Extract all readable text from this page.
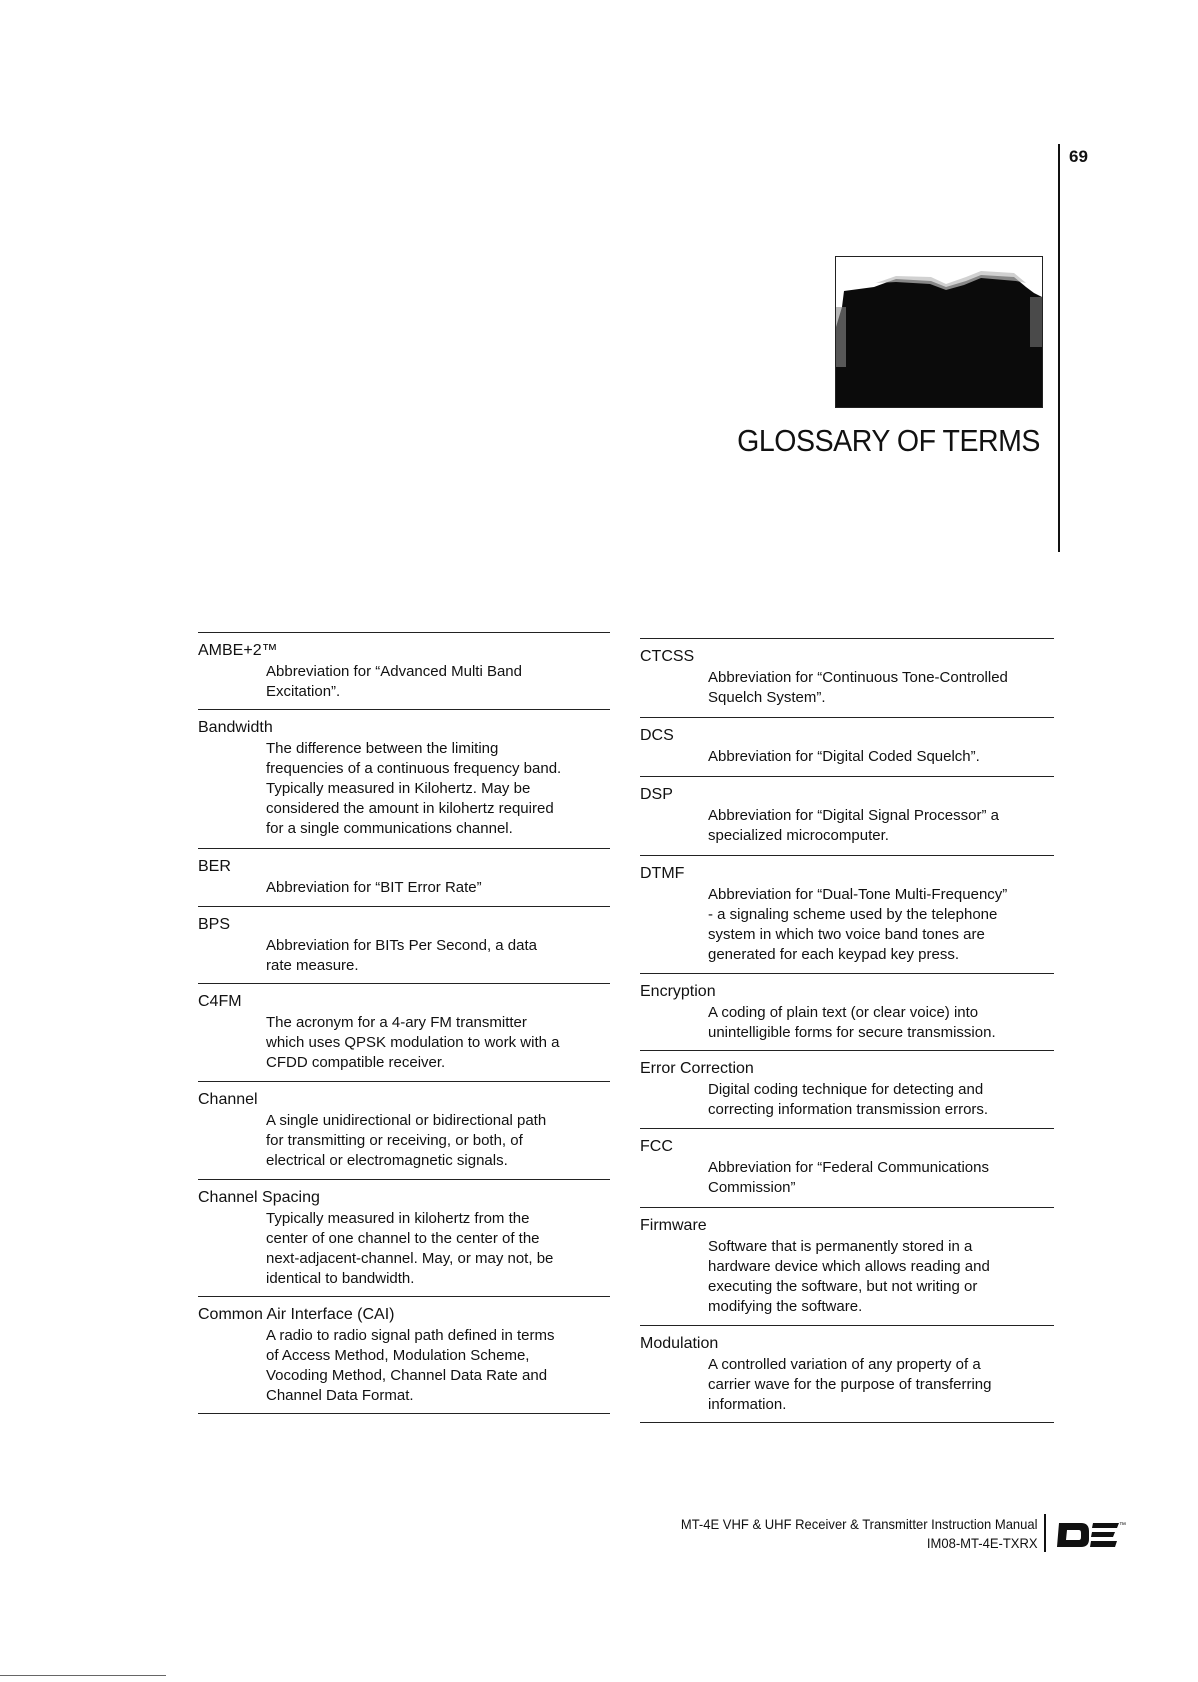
69
GLOSSARY OF TERMS
AMBE+2™
Abbreviation for “Advanced Multi Band
Excitation”.
Bandwidth
The difference between the limiting
frequencies of a continuous frequency band.
Typically measured in Kilohertz. May be
considered the amount in kilohertz required
for a single communications channel.
BER
Abbreviation for “BIT Error Rate”
BPS
Abbreviation for BITs Per Second, a data
rate measure.
C4FM
The acronym for a 4-ary FM transmitter
which uses QPSK modulation to work with a
CFDD compatible receiver.
Channel
A single unidirectional or bidirectional path
for transmitting or receiving, or both, of
electrical or electromagnetic signals.
Channel Spacing
Typically measured in kilohertz from the
center of one channel to the center of the
next-adjacent-channel. May, or may not, be
identical to bandwidth.
Common Air Interface (CAI)
A radio to radio signal path defined in terms
of Access Method, Modulation Scheme,
Vocoding Method, Channel Data Rate and
Channel Data Format.
CTCSS
Abbreviation for “Continuous Tone-Controlled
Squelch System”.
DCS
Abbreviation for “Digital Coded Squelch”.
DSP
Abbreviation for “Digital Signal Processor” a
specialized microcomputer.
DTMF
Abbreviation for “Dual-Tone Multi-Frequency”
- a signaling scheme used by the telephone
system in which two voice band tones are
generated for each keypad key press.
Encryption
A coding of plain text (or clear voice) into
unintelligible forms for secure transmission.
Error Correction
Digital coding technique for detecting and
correcting information transmission errors.
FCC
Abbreviation for “Federal Communications
Commission”
Firmware
Software that is permanently stored in a
hardware device which allows reading and
executing the software, but not writing or
modifying the software.
Modulation
A controlled variation of any property of a
carrier wave for the purpose of transferring
information.
MT-4E VHF & UHF Receiver & Transmitter Instruction Manual
IM08-MT-4E-TXRX
™
